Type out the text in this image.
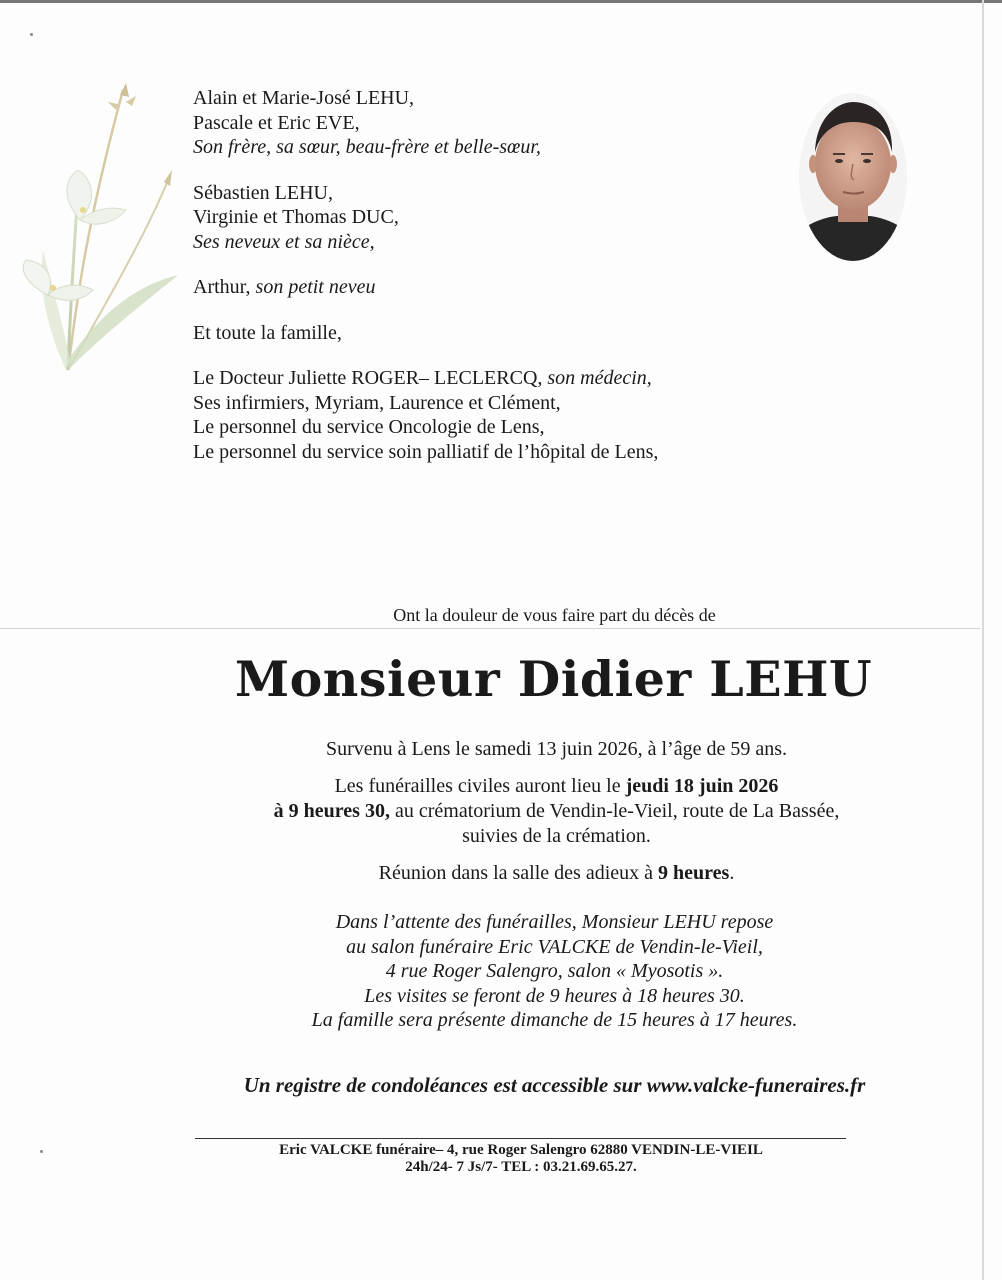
Alain et Marie-José LEHU,

Pascale et Eric EVE,

Son frère, sa sœur, beau-frère et belle-sœur,

Sébastien LEHU,

Virginie et Thomas DUC,

Ses neveux et sa nièce,

Arthur, son petit neveu

Et toute la famille,

Le Docteur Juliette ROGER– LECLERCQ, son médecin,

Ses infirmiers, Myriam, Laurence et Clément,

Le personnel du service Oncologie de Lens,

Le personnel du service soin palliatif de l’hôpital de Lens,

Ont la douleur de vous faire part du décès de
Monsieur Didier LEHU

Survenu à Lens le samedi 13 juin 2026, à l’âge de 59 ans.

Les funérailles civiles auront lieu le jeudi 18 juin 2026

à 9 heures 30, au crématorium de Vendin-le-Vieil, route de La Bassée,

suivies de la crémation.

Réunion dans la salle des adieux à 9 heures.

Dans l’attente des funérailles, Monsieur LEHU repose

au salon funéraire Eric VALCKE de Vendin-le-Vieil,

4 rue Roger Salengro, salon « Myosotis ».

Les visites se feront de 9 heures à 18 heures 30.

La famille sera présente dimanche de 15 heures à 17 heures.

Un registre de condoléances est accessible sur www.valcke-funeraires.fr

Eric VALCKE funéraire– 4, rue Roger Salengro 62880 VENDIN-LE-VIEIL

24h/24- 7 Js/7- TEL : 03.21.69.65.27.
